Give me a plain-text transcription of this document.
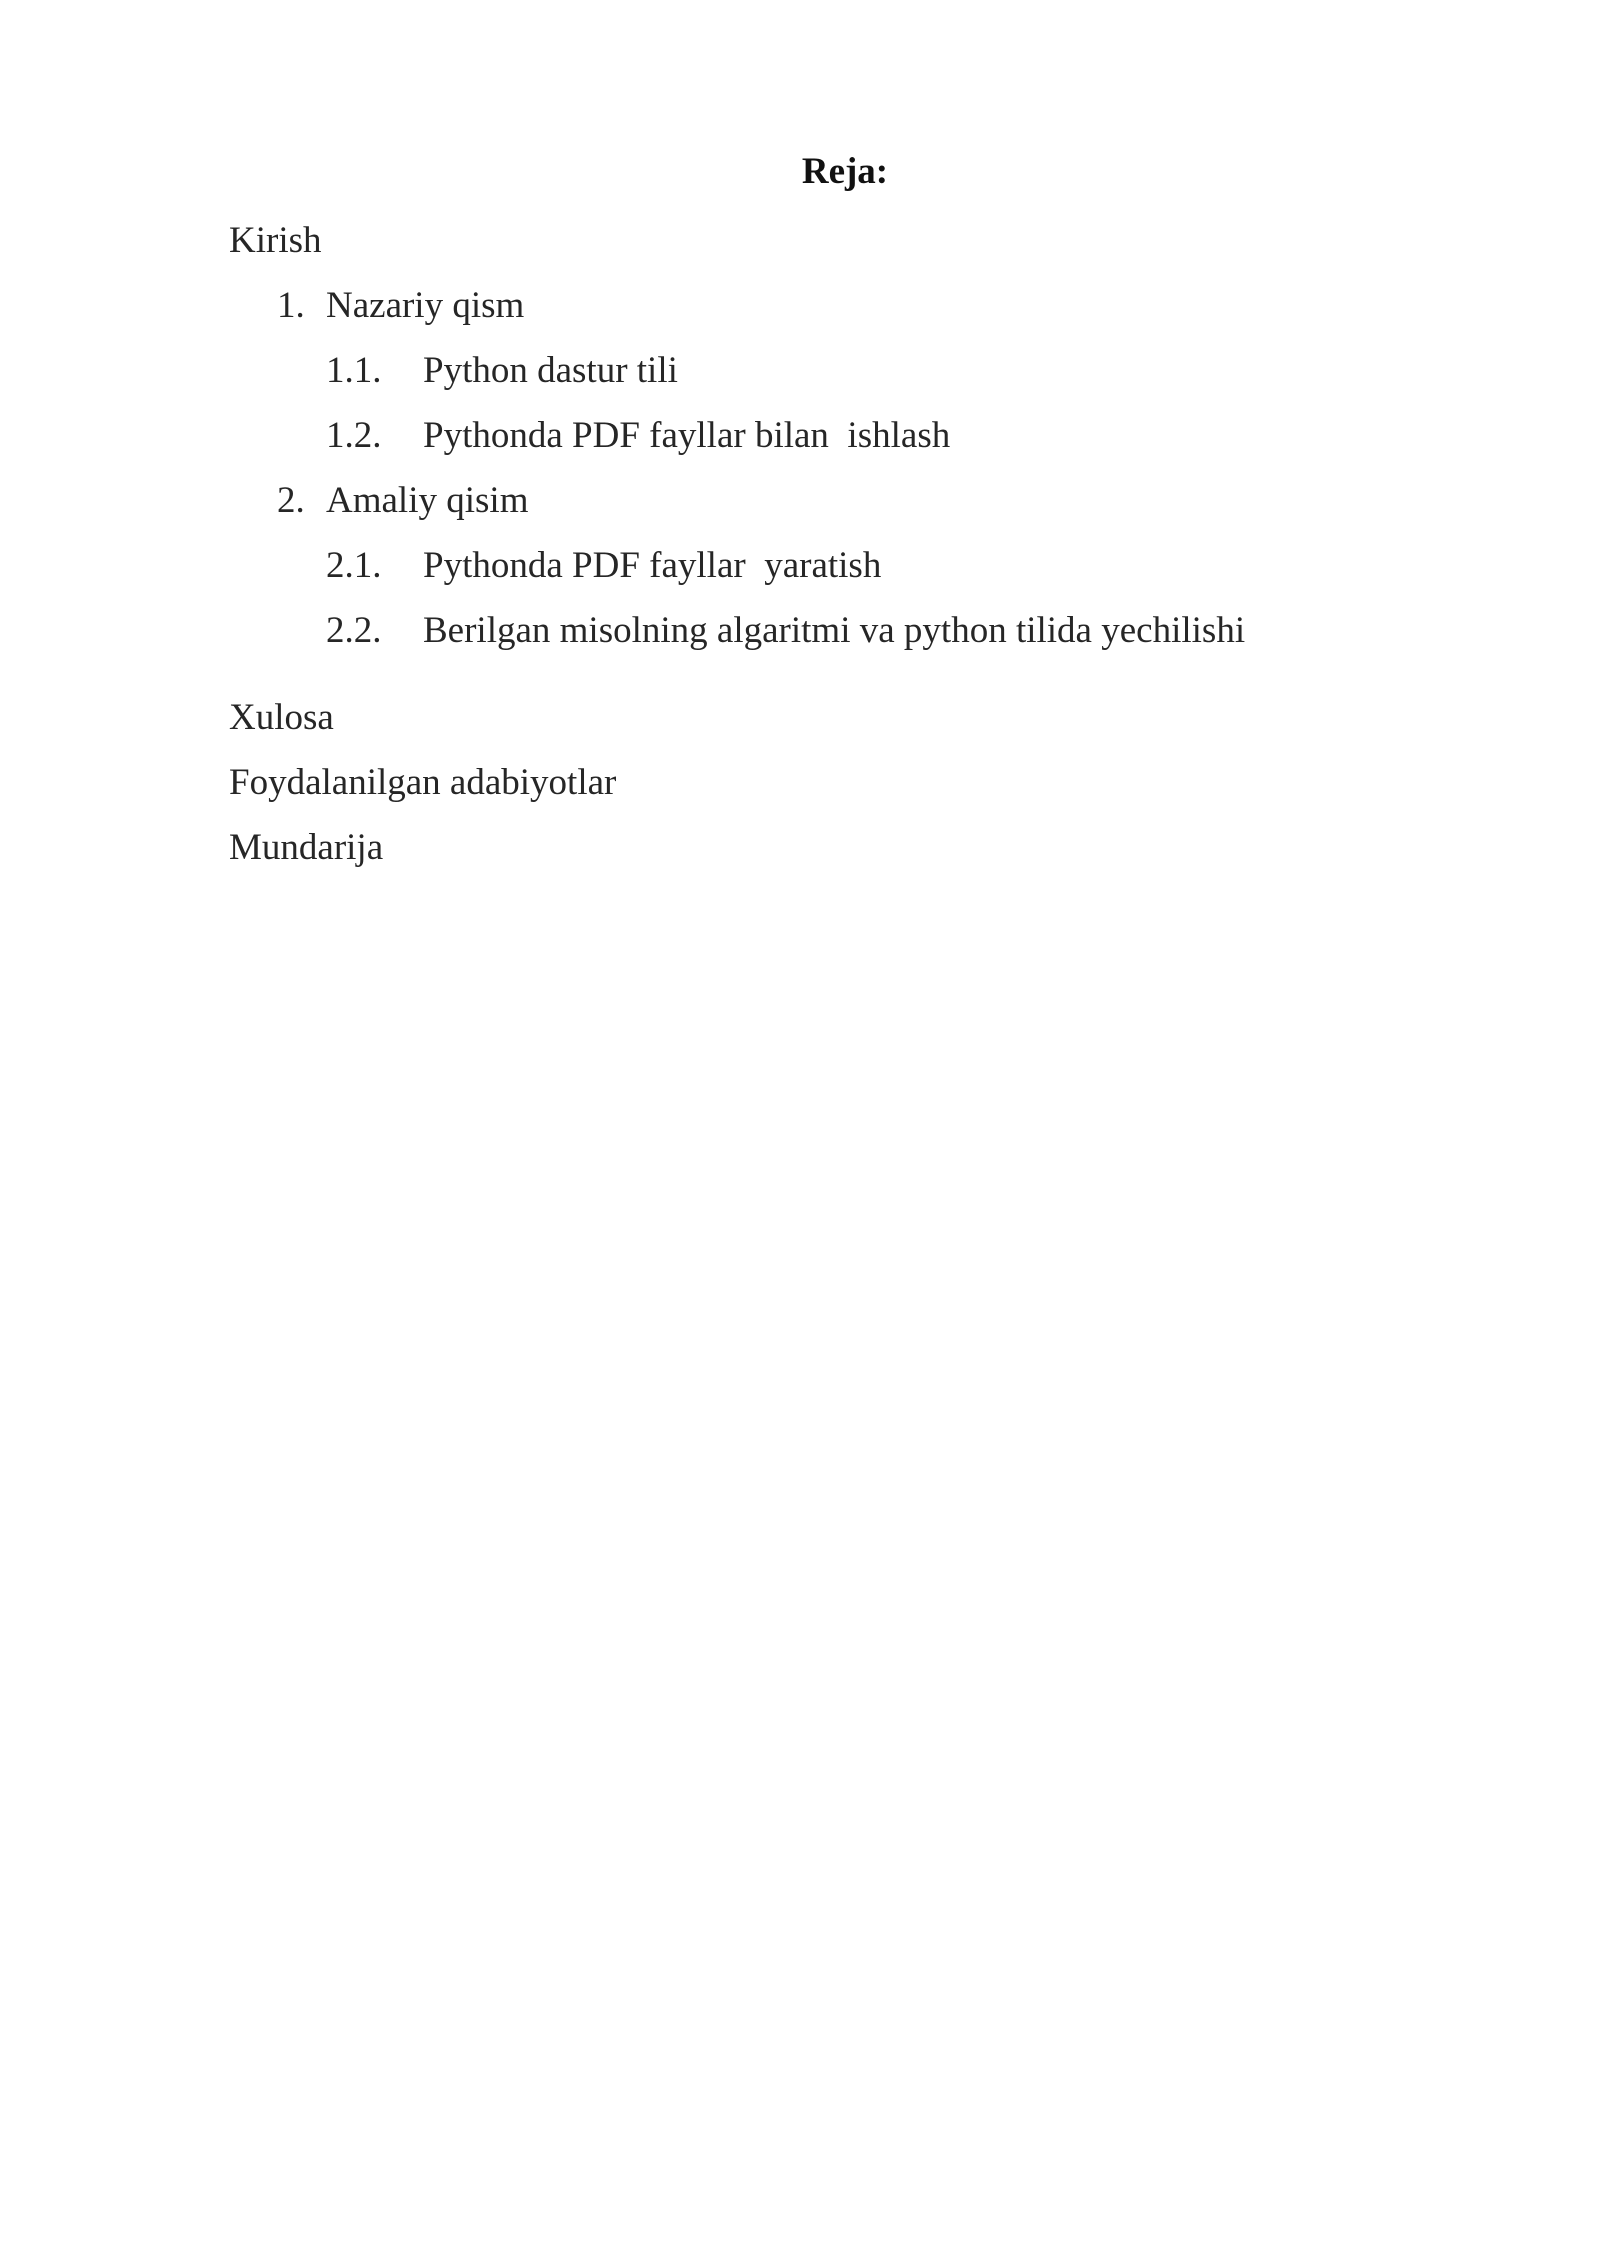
Reja:
Kirish
1. Nazariy qism
1.1. Python dastur tili
1.2. Pythonda PDF fayllar bilan  ishlash
2. Amaliy qisim
2.1. Pythonda PDF fayllar  yaratish
2.2. Berilgan misolning algaritmi va python tilida yechilishi
Xulosa
Foydalanilgan adabiyotlar
Mundarija
